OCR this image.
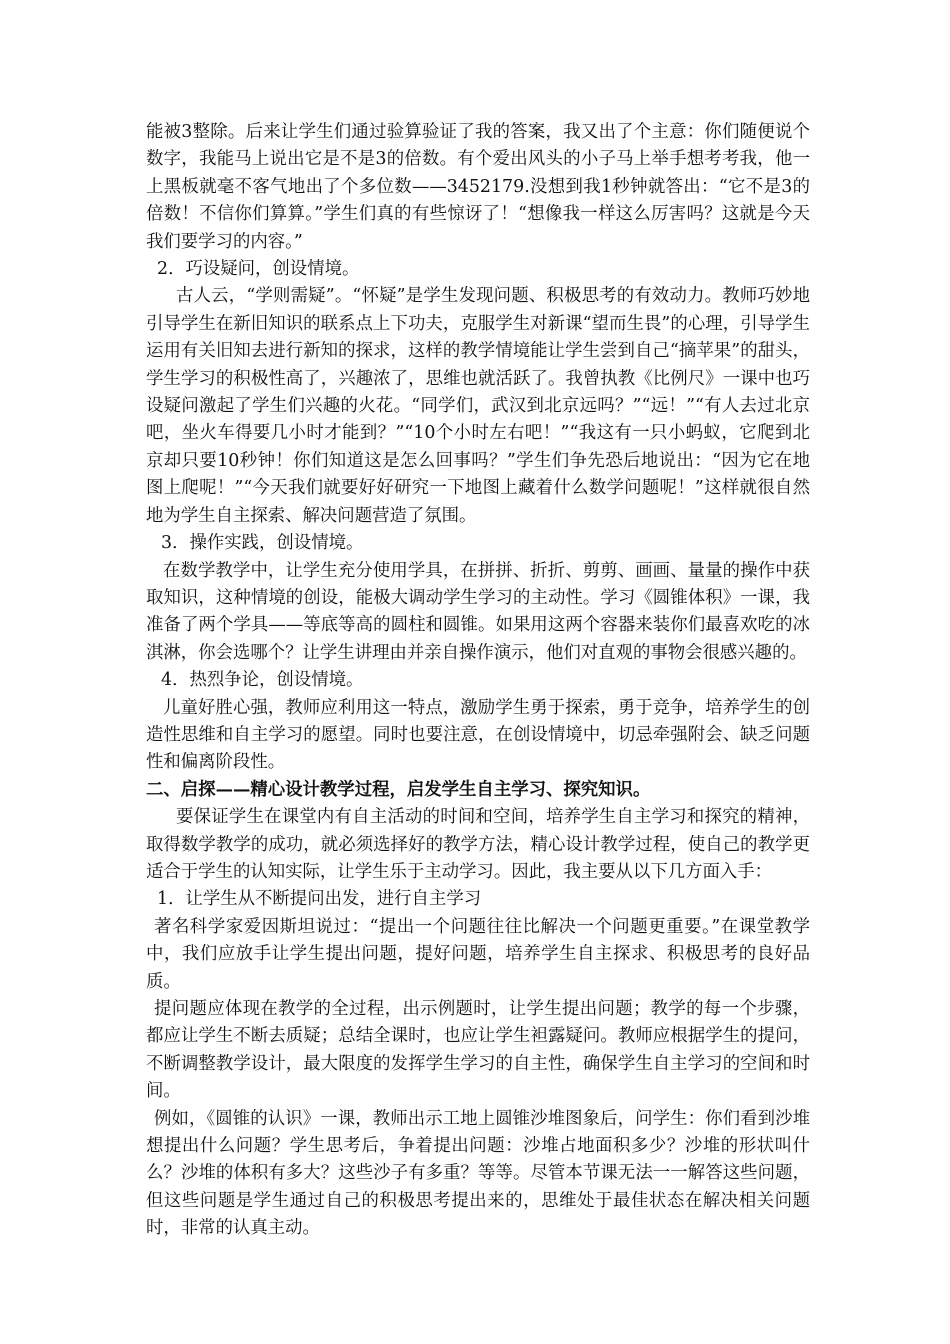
能被3整除。后来让学生们通过验算验证了我的答案，我又出了个主意：你们随便说个数字，我能马上说出它是不是3的倍数。有个爱出风头的小子马上举手想考考我，他一上黑板就毫不客气地出了个多位数——3452179.没想到我1秒钟就答出：“它不是3的倍数！不信你们算算。”学生们真的有些惊讶了！“想像我一样这么厉害吗？这就是今天我们要学习的内容。”

2．巧设疑问，创设情境。

古人云，“学则需疑”。“怀疑”是学生发现问题、积极思考的有效动力。教师巧妙地引导学生在新旧知识的联系点上下功夫，克服学生对新课“望而生畏”的心理，引导学生运用有关旧知去进行新知的探求，这样的教学情境能让学生尝到自己“摘苹果”的甜头，学生学习的积极性高了，兴趣浓了，思维也就活跃了。我曾执教《比例尺》一课中也巧设疑问激起了学生们兴趣的火花。“同学们，武汉到北京远吗？”“远！”“有人去过北京吧，坐火车得要几小时才能到？”“10个小时左右吧！”“我这有一只小蚂蚁，它爬到北京却只要10秒钟！你们知道这是怎么回事吗？”学生们争先恐后地说出：“因为它在地图上爬呢！”“今天我们就要好好研究一下地图上藏着什么数学问题呢！”这样就很自然地为学生自主探索、解决问题营造了氛围。

3．操作实践，创设情境。

在数学教学中，让学生充分使用学具，在拼拼、折折、剪剪、画画、量量的操作中获取知识，这种情境的创设，能极大调动学生学习的主动性。学习《圆锥体积》一课，我准备了两个学具——等底等高的圆柱和圆锥。如果用这两个容器来装你们最喜欢吃的冰淇淋，你会选哪个？让学生讲理由并亲自操作演示，他们对直观的事物会很感兴趣的。

4．热烈争论，创设情境。

儿童好胜心强，教师应利用这一特点，激励学生勇于探索，勇于竞争，培养学生的创造性思维和自主学习的愿望。同时也要注意，在创设情境中，切忌牵强附会、缺乏问题性和偏离阶段性。

二、启探——精心设计教学过程，启发学生自主学习、探究知识。

要保证学生在课堂内有自主活动的时间和空间，培养学生自主学习和探究的精神，取得数学教学的成功，就必须选择好的教学方法，精心设计教学过程，使自己的教学更适合于学生的认知实际，让学生乐于主动学习。因此，我主要从以下几方面入手：

1．让学生从不断提问出发，进行自主学习

著名科学家爱因斯坦说过：“提出一个问题往往比解决一个问题更重要。”在课堂教学中，我们应放手让学生提出问题，提好问题，培养学生自主探求、积极思考的良好品质。

提问题应体现在教学的全过程，出示例题时，让学生提出问题；教学的每一个步骤，都应让学生不断去质疑；总结全课时，也应让学生袒露疑问。教师应根据学生的提问，不断调整教学设计，最大限度的发挥学生学习的自主性，确保学生自主学习的空间和时间。

例如，《圆锥的认识》一课，教师出示工地上圆锥沙堆图象后，问学生：你们看到沙堆想提出什么问题？学生思考后，争着提出问题：沙堆占地面积多少？沙堆的形状叫什么？沙堆的体积有多大？这些沙子有多重？等等。尽管本节课无法一一解答这些问题，但这些问题是学生通过自己的积极思考提出来的，思维处于最佳状态在解决相关问题时，非常的认真主动。
